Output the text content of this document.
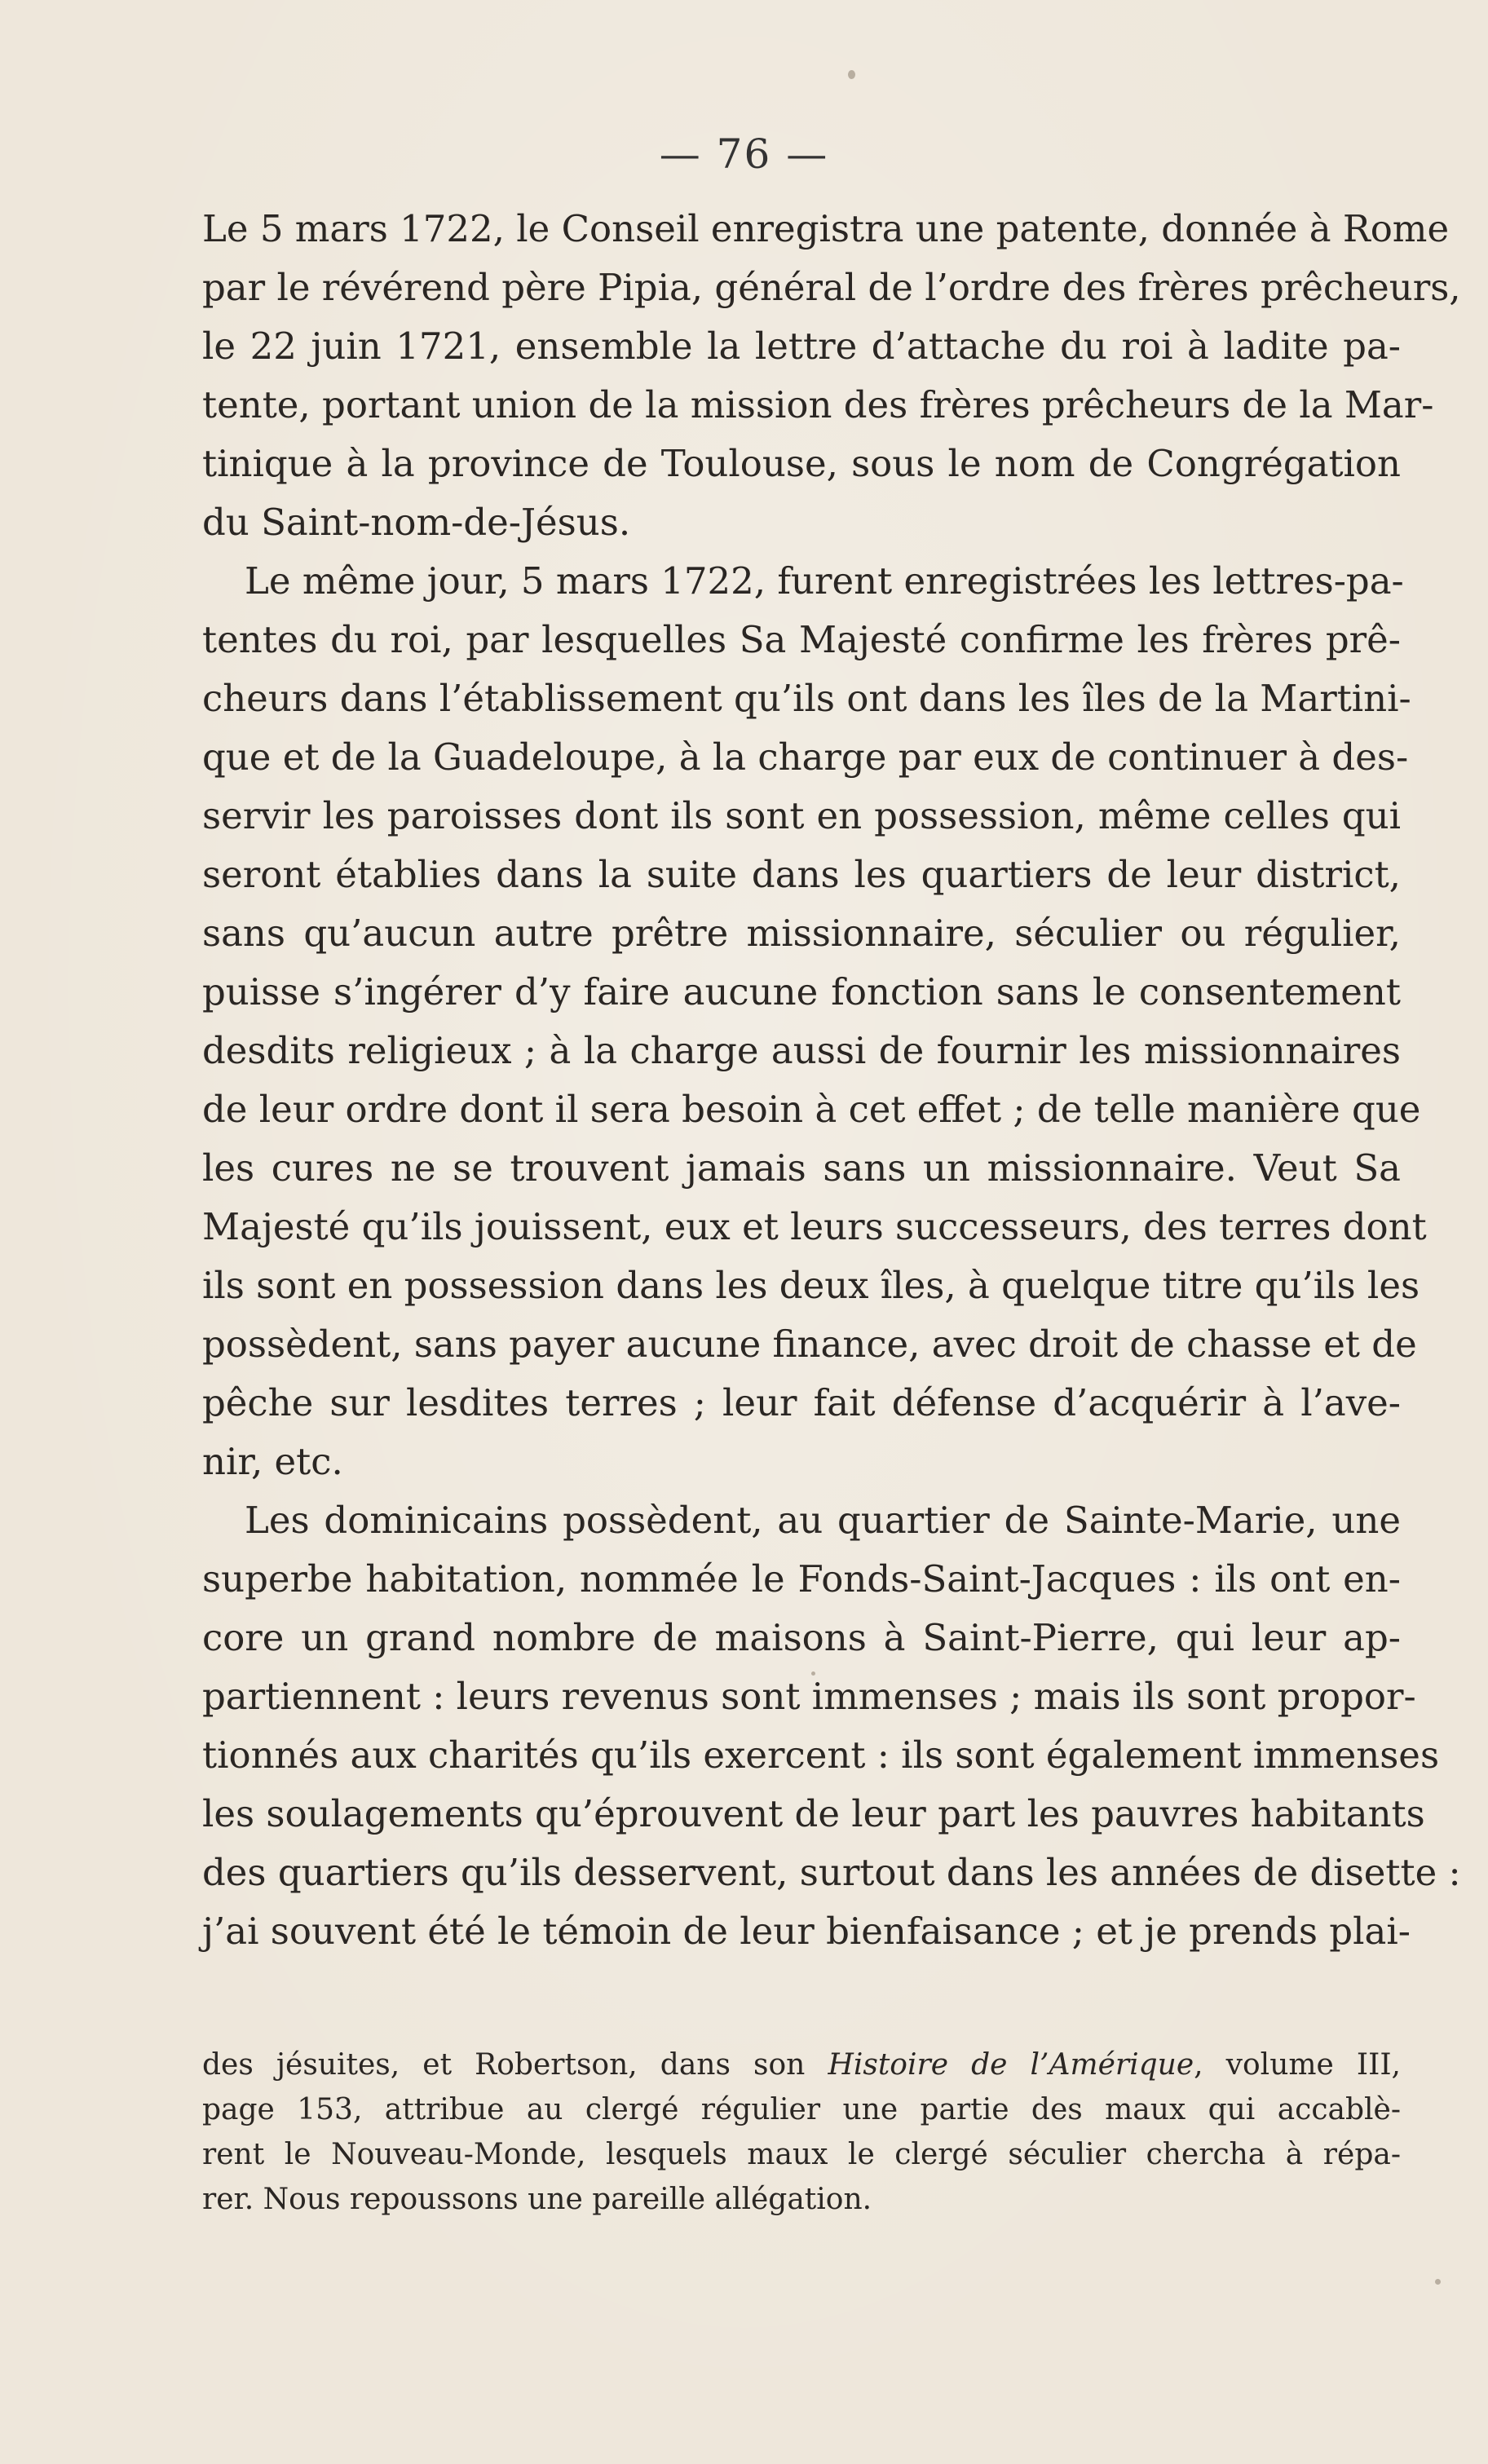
— 76 —

Le 5 mars 1722, le Conseil enregistra une patente, donnée à Rome
par le révérend père Pipia, général de l’ordre des frères prêcheurs,
le 22 juin 1721, ensemble la lettre d’attache du roi à ladite pa-
tente, portant union de la mission des frères prêcheurs de la Mar-
tinique à la province de Toulouse, sous le nom de Congrégation
du Saint-nom-de-Jésus.

Le même jour, 5 mars 1722, furent enregistrées les lettres-pa-
tentes du roi, par lesquelles Sa Majesté confirme les frères prê-
cheurs dans l’établissement qu’ils ont dans les îles de la Martini-
que et de la Guadeloupe, à la charge par eux de continuer à des-
servir les paroisses dont ils sont en possession, même celles qui
seront établies dans la suite dans les quartiers de leur district,
sans qu’aucun autre prêtre missionnaire, séculier ou régulier,
puisse s’ingérer d’y faire aucune fonction sans le consentement
desdits religieux ; à la charge aussi de fournir les missionnaires
de leur ordre dont il sera besoin à cet effet ; de telle manière que
les cures ne se trouvent jamais sans un missionnaire. Veut Sa
Majesté qu’ils jouissent, eux et leurs successeurs, des terres dont
ils sont en possession dans les deux îles, à quelque titre qu’ils les
possèdent, sans payer aucune finance, avec droit de chasse et de
pêche sur lesdites terres ; leur fait défense d’acquérir à l’ave-
nir, etc.

Les dominicains possèdent, au quartier de Sainte-Marie, une
superbe habitation, nommée le Fonds-Saint-Jacques : ils ont en-
core un grand nombre de maisons à Saint-Pierre, qui leur ap-
partiennent : leurs revenus sont immenses ; mais ils sont propor-
tionnés aux charités qu’ils exercent : ils sont également immenses
les soulagements qu’éprouvent de leur part les pauvres habitants
des quartiers qu’ils desservent, surtout dans les années de disette :
j’ai souvent été le témoin de leur bienfaisance ; et je prends plai-

des jésuites, et Robertson, dans son Histoire de l’Amérique, volume III,
page 153, attribue au clergé régulier une partie des maux qui accablè-
rent le Nouveau-Monde, lesquels maux le clergé séculier chercha à répa-
rer. Nous repoussons une pareille allégation.
